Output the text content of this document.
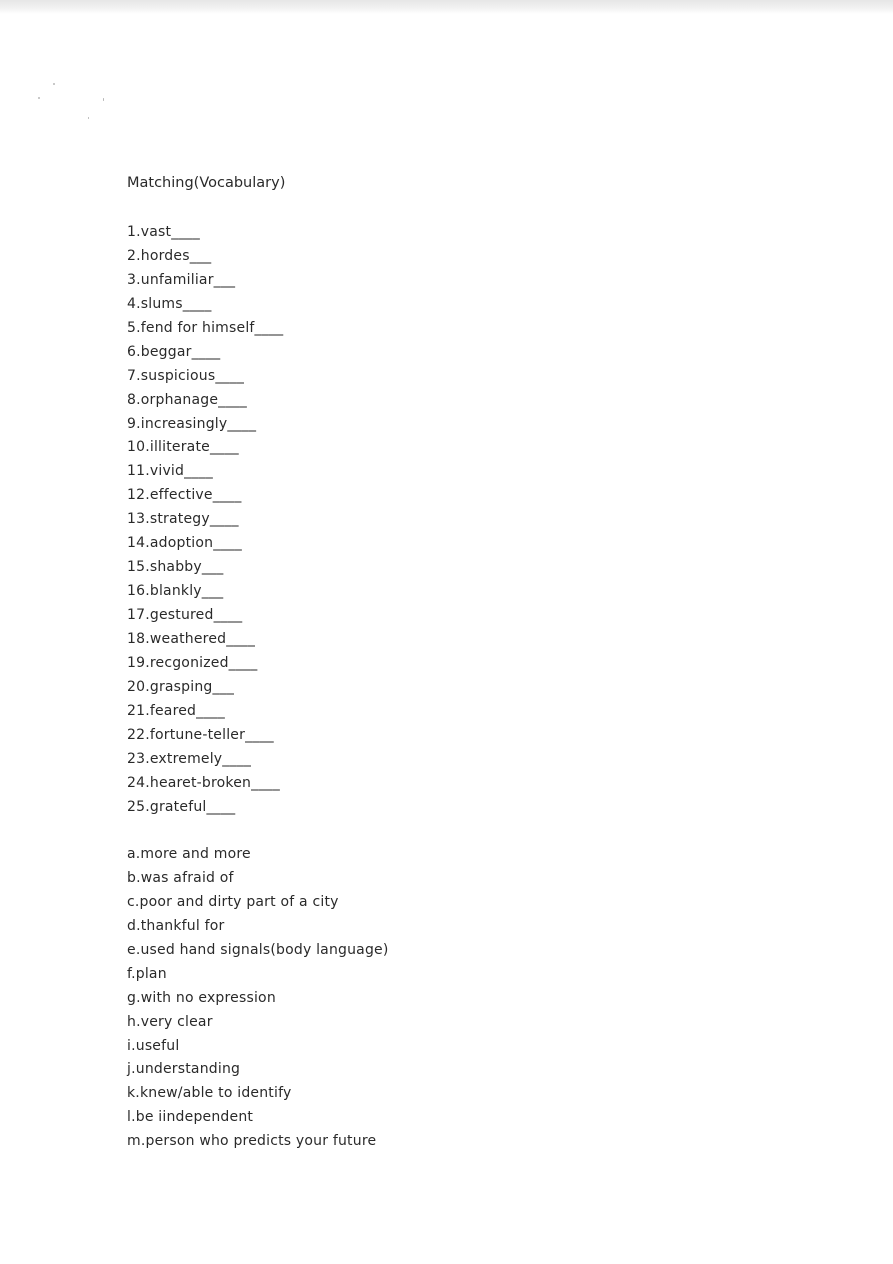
Matching(Vocabulary)
1.vast____
2.hordes___
3.unfamiliar___
4.slums____
5.fend for himself____
6.beggar____
7.suspicious____
8.orphanage____
9.increasingly____
10.illiterate____
11.vivid____
12.effective____
13.strategy____
14.adoption____
15.shabby___
16.blankly___
17.gestured____
18.weathered____
19.recgonized____
20.grasping___
21.feared____
22.fortune-teller____
23.extremely____
24.hearet-broken____
25.grateful____
a.more and more
b.was afraid of
c.poor and dirty part of a city
d.thankful for
e.used hand signals(body language)
f.plan
g.with no expression
h.very clear
i.useful
j.understanding
k.knew/able to identify
l.be iindependent
m.person who predicts your future
